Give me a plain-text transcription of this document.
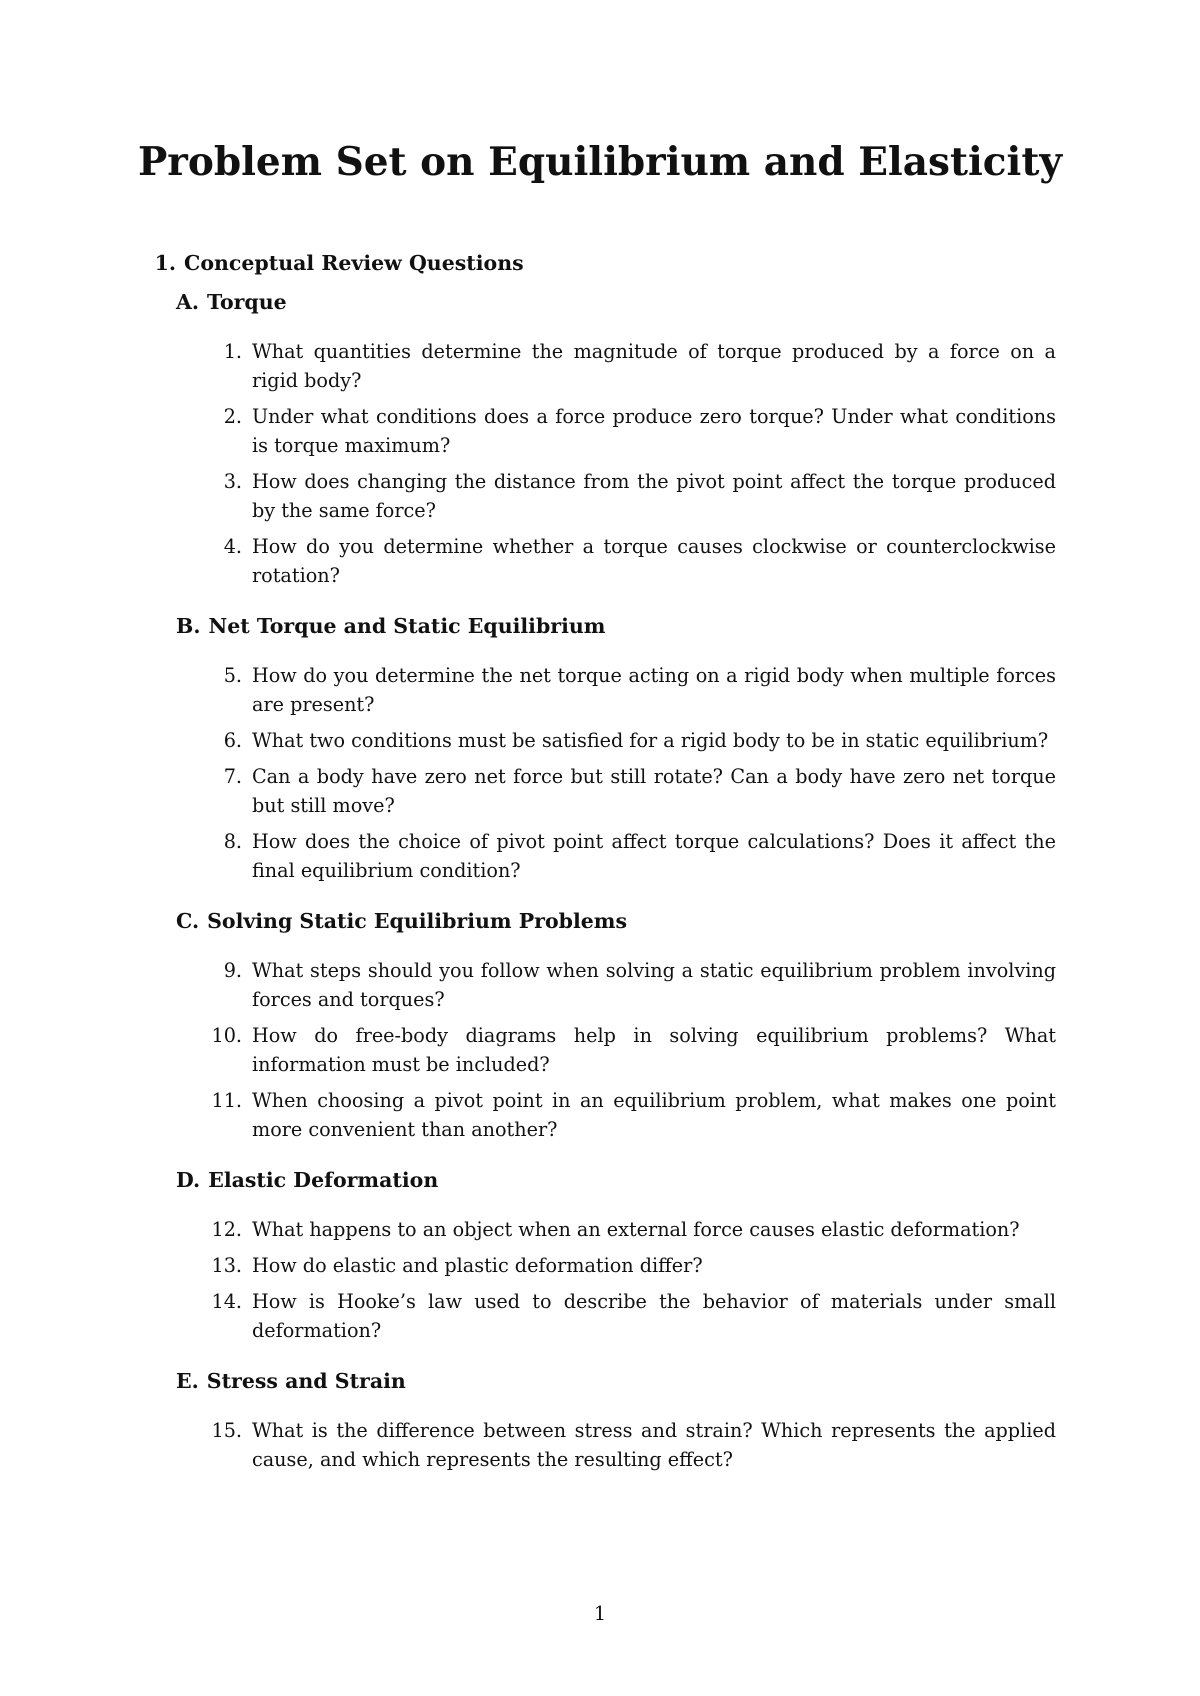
Problem Set on Equilibrium and Elasticity
1. Conceptual Review Questions
A. Torque
1. What quantities determine the magnitude of torque produced by a force on a rigid body?
2. Under what conditions does a force produce zero torque? Under what conditions is torque maximum?
3. How does changing the distance from the pivot point affect the torque produced by the same force?
4. How do you determine whether a torque causes clockwise or counterclockwise rotation?
B. Net Torque and Static Equilibrium
5. How do you determine the net torque acting on a rigid body when multiple forces are present?
6. What two conditions must be satisfied for a rigid body to be in static equilibrium?
7. Can a body have zero net force but still rotate? Can a body have zero net torque but still move?
8. How does the choice of pivot point affect torque calculations? Does it affect the final equilibrium condition?
C. Solving Static Equilibrium Problems
9. What steps should you follow when solving a static equilibrium problem involving forces and torques?
10. How do free-body diagrams help in solving equilibrium problems? What information must be included?
11. When choosing a pivot point in an equilibrium problem, what makes one point more convenient than another?
D. Elastic Deformation
12. What happens to an object when an external force causes elastic deformation?
13. How do elastic and plastic deformation differ?
14. How is Hooke’s law used to describe the behavior of materials under small deformation?
E. Stress and Strain
15. What is the difference between stress and strain? Which represents the applied cause, and which represents the resulting effect?
1
